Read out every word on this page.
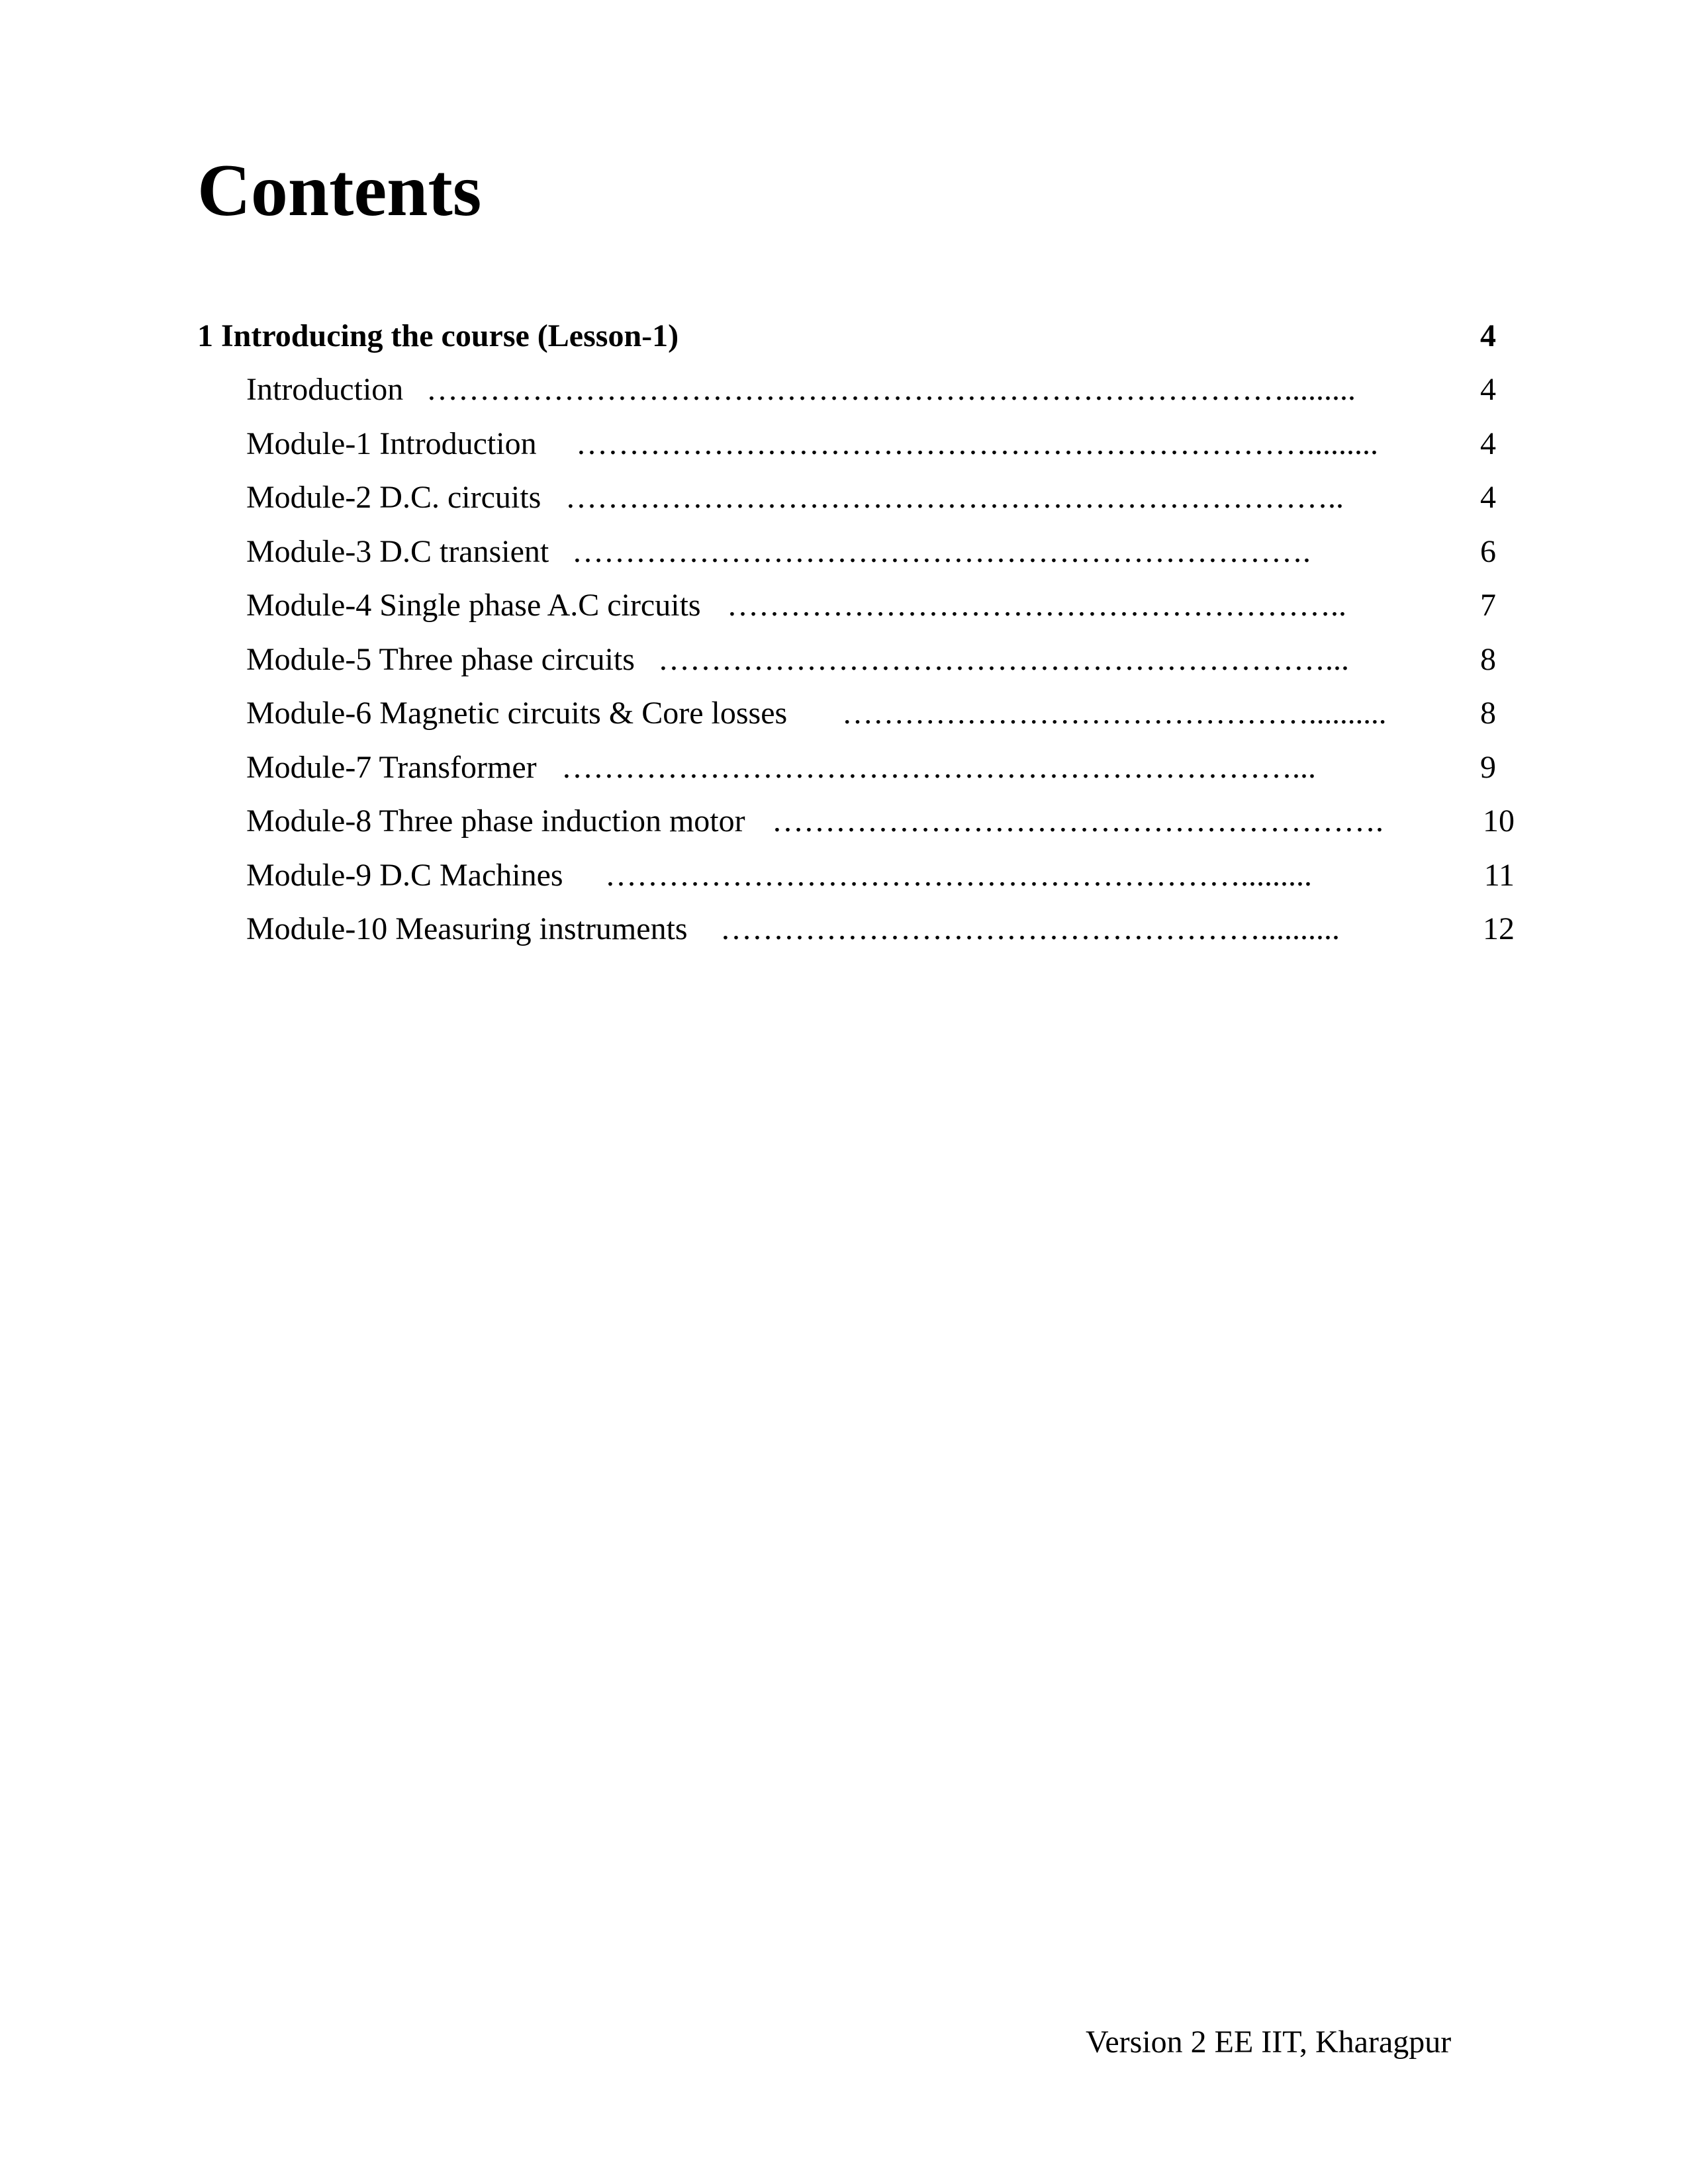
Contents
1 Introducing the course (Lesson-1)	4
Introduction ……………………………………………………………………….........	4
Module-1 Introduction …………………………………………………………….........	4
Module-2 D.C. circuits ………………………………………………………………..	4
Module-3 D.C transient …………………………………………………………….	6
Module-4 Single phase A.C circuits …………………………………………………..	7
Module-5 Three phase circuits ………………………………………………………...	8
Module-6 Magnetic circuits & Core losses ………………………………………..........	8
Module-7 Transformer ……………………………………………………………...	9
Module-8 Three phase induction motor ………………………………………………….	10
Module-9 D.C Machines …………………………………………………….........	11
Module-10 Measuring instruments ……………………………………………..........	12
Version 2 EE IIT, Kharagpur
